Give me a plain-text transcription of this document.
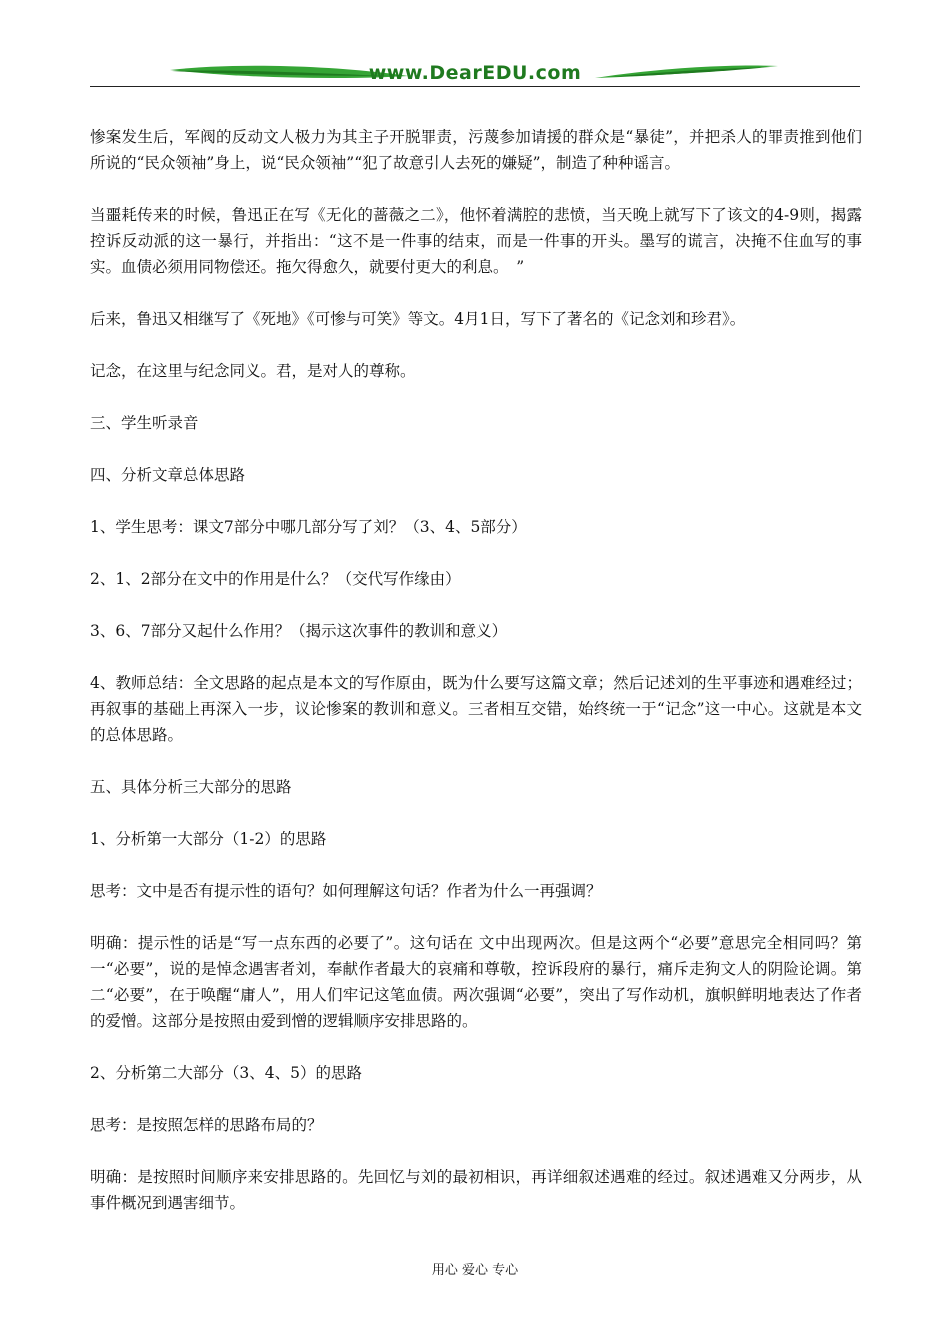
www.DearEDU.com

惨案发生后，军阀的反动文人极力为其主子开脱罪责，污蔑参加请援的群众是“暴徒”，并把杀人的罪责推到他们所说的“民众领袖”身上，说“民众领袖”“犯了故意引人去死的嫌疑”，制造了种种谣言。

当噩耗传来的时候，鲁迅正在写《无化的蔷薇之二》，他怀着满腔的悲愤，当天晚上就写下了该文的4-9则，揭露控诉反动派的这一暴行，并指出：“这不是一件事的结束，而是一件事的开头。墨写的谎言，决掩不住血写的事实。血债必须用同物偿还。拖欠得愈久，就要付更大的利息。　”

后来，鲁迅又相继写了《死地》《可惨与可笑》等文。4月1日，写下了著名的《记念刘和珍君》。

记念，在这里与纪念同义。君，是对人的尊称。

三、学生听录音

四、分析文章总体思路

1、学生思考：课文7部分中哪几部分写了刘？（3、4、5部分）

2、1、2部分在文中的作用是什么？（交代写作缘由）

3、6、7部分又起什么作用？（揭示这次事件的教训和意义）

4、教师总结：全文思路的起点是本文的写作原由，既为什么要写这篇文章；然后记述刘的生平事迹和遇难经过；再叙事的基础上再深入一步，议论惨案的教训和意义。三者相互交错，始终统一于“记念”这一中心。这就是本文的总体思路。

五、具体分析三大部分的思路

1、分析第一大部分（1-2）的思路

思考：文中是否有提示性的语句？如何理解这句话？作者为什么一再强调？

明确：提示性的话是“写一点东西的必要了”。这句话在 文中出现两次。但是这两个“必要”意思完全相同吗？第一“必要”，说的是悼念遇害者刘，奉献作者最大的哀痛和尊敬，控诉段府的暴行，痛斥走狗文人的阴险论调。第二“必要”，在于唤醒“庸人”，用人们牢记这笔血债。两次强调“必要”，突出了写作动机，旗帜鲜明地表达了作者的爱憎。这部分是按照由爱到憎的逻辑顺序安排思路的。

2、分析第二大部分（3、4、5）的思路

思考：是按照怎样的思路布局的？

明确：是按照时间顺序来安排思路的。先回忆与刘的最初相识，再详细叙述遇难的经过。叙述遇难又分两步，从事件概况到遇害细节。

用心 爱心 专心
